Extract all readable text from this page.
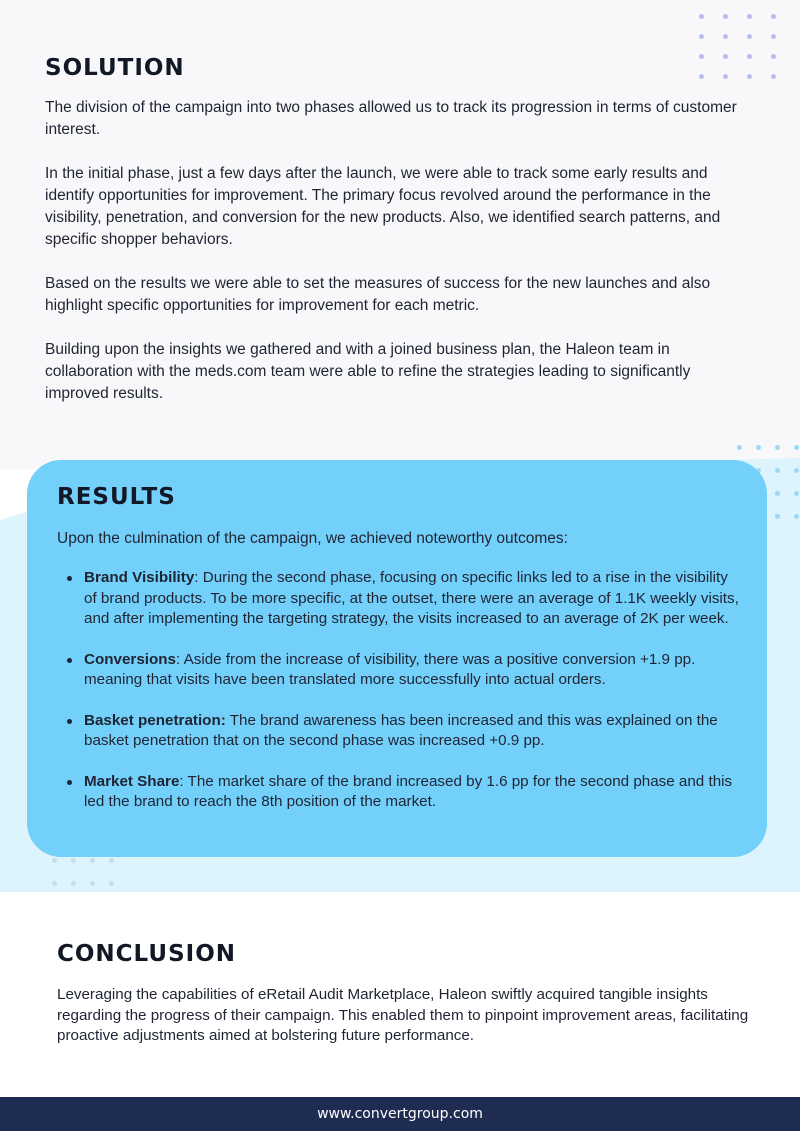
SOLUTION

The division of the campaign into two phases allowed us to track its progression in terms of customer interest.

In the initial phase, just a few days after the launch, we were able to track some early results and identify opportunities for improvement. The primary focus revolved around the performance in the visibility, penetration, and conversion for the new products. Also, we identified search patterns, and specific shopper behaviors.

Based on the results we were able to set the measures of success for the new launches and also highlight specific opportunities for improvement for each metric.

Building upon the insights we gathered and with a joined business plan, the Haleon team in collaboration with the meds.com team were able to refine the strategies leading to significantly improved results.

RESULTS

Upon the culmination of the campaign, we achieved noteworthy outcomes:

Brand Visibility: During the second phase, focusing on specific links led to a rise in the visibility of brand products. To be more specific, at the outset, there were an average of 1.1K weekly visits, and after implementing the targeting strategy, the visits increased to an average of 2K per week.
Conversions: Aside from the increase of visibility, there was a positive conversion +1.9 pp. meaning that visits have been translated more successfully into actual orders.
Basket penetration: The brand awareness has been increased and this was explained on the basket penetration that on the second phase was increased +0.9 pp.
Market Share: The market share of the brand increased by 1.6 pp for the second phase and this led the brand to reach the 8th position of the market.
CONCLUSION

Leveraging the capabilities of eRetail Audit Marketplace, Haleon swiftly acquired tangible insights regarding the progress of their campaign. This enabled them to pinpoint improvement areas, facilitating proactive adjustments aimed at bolstering future performance.

www.convertgroup.com
